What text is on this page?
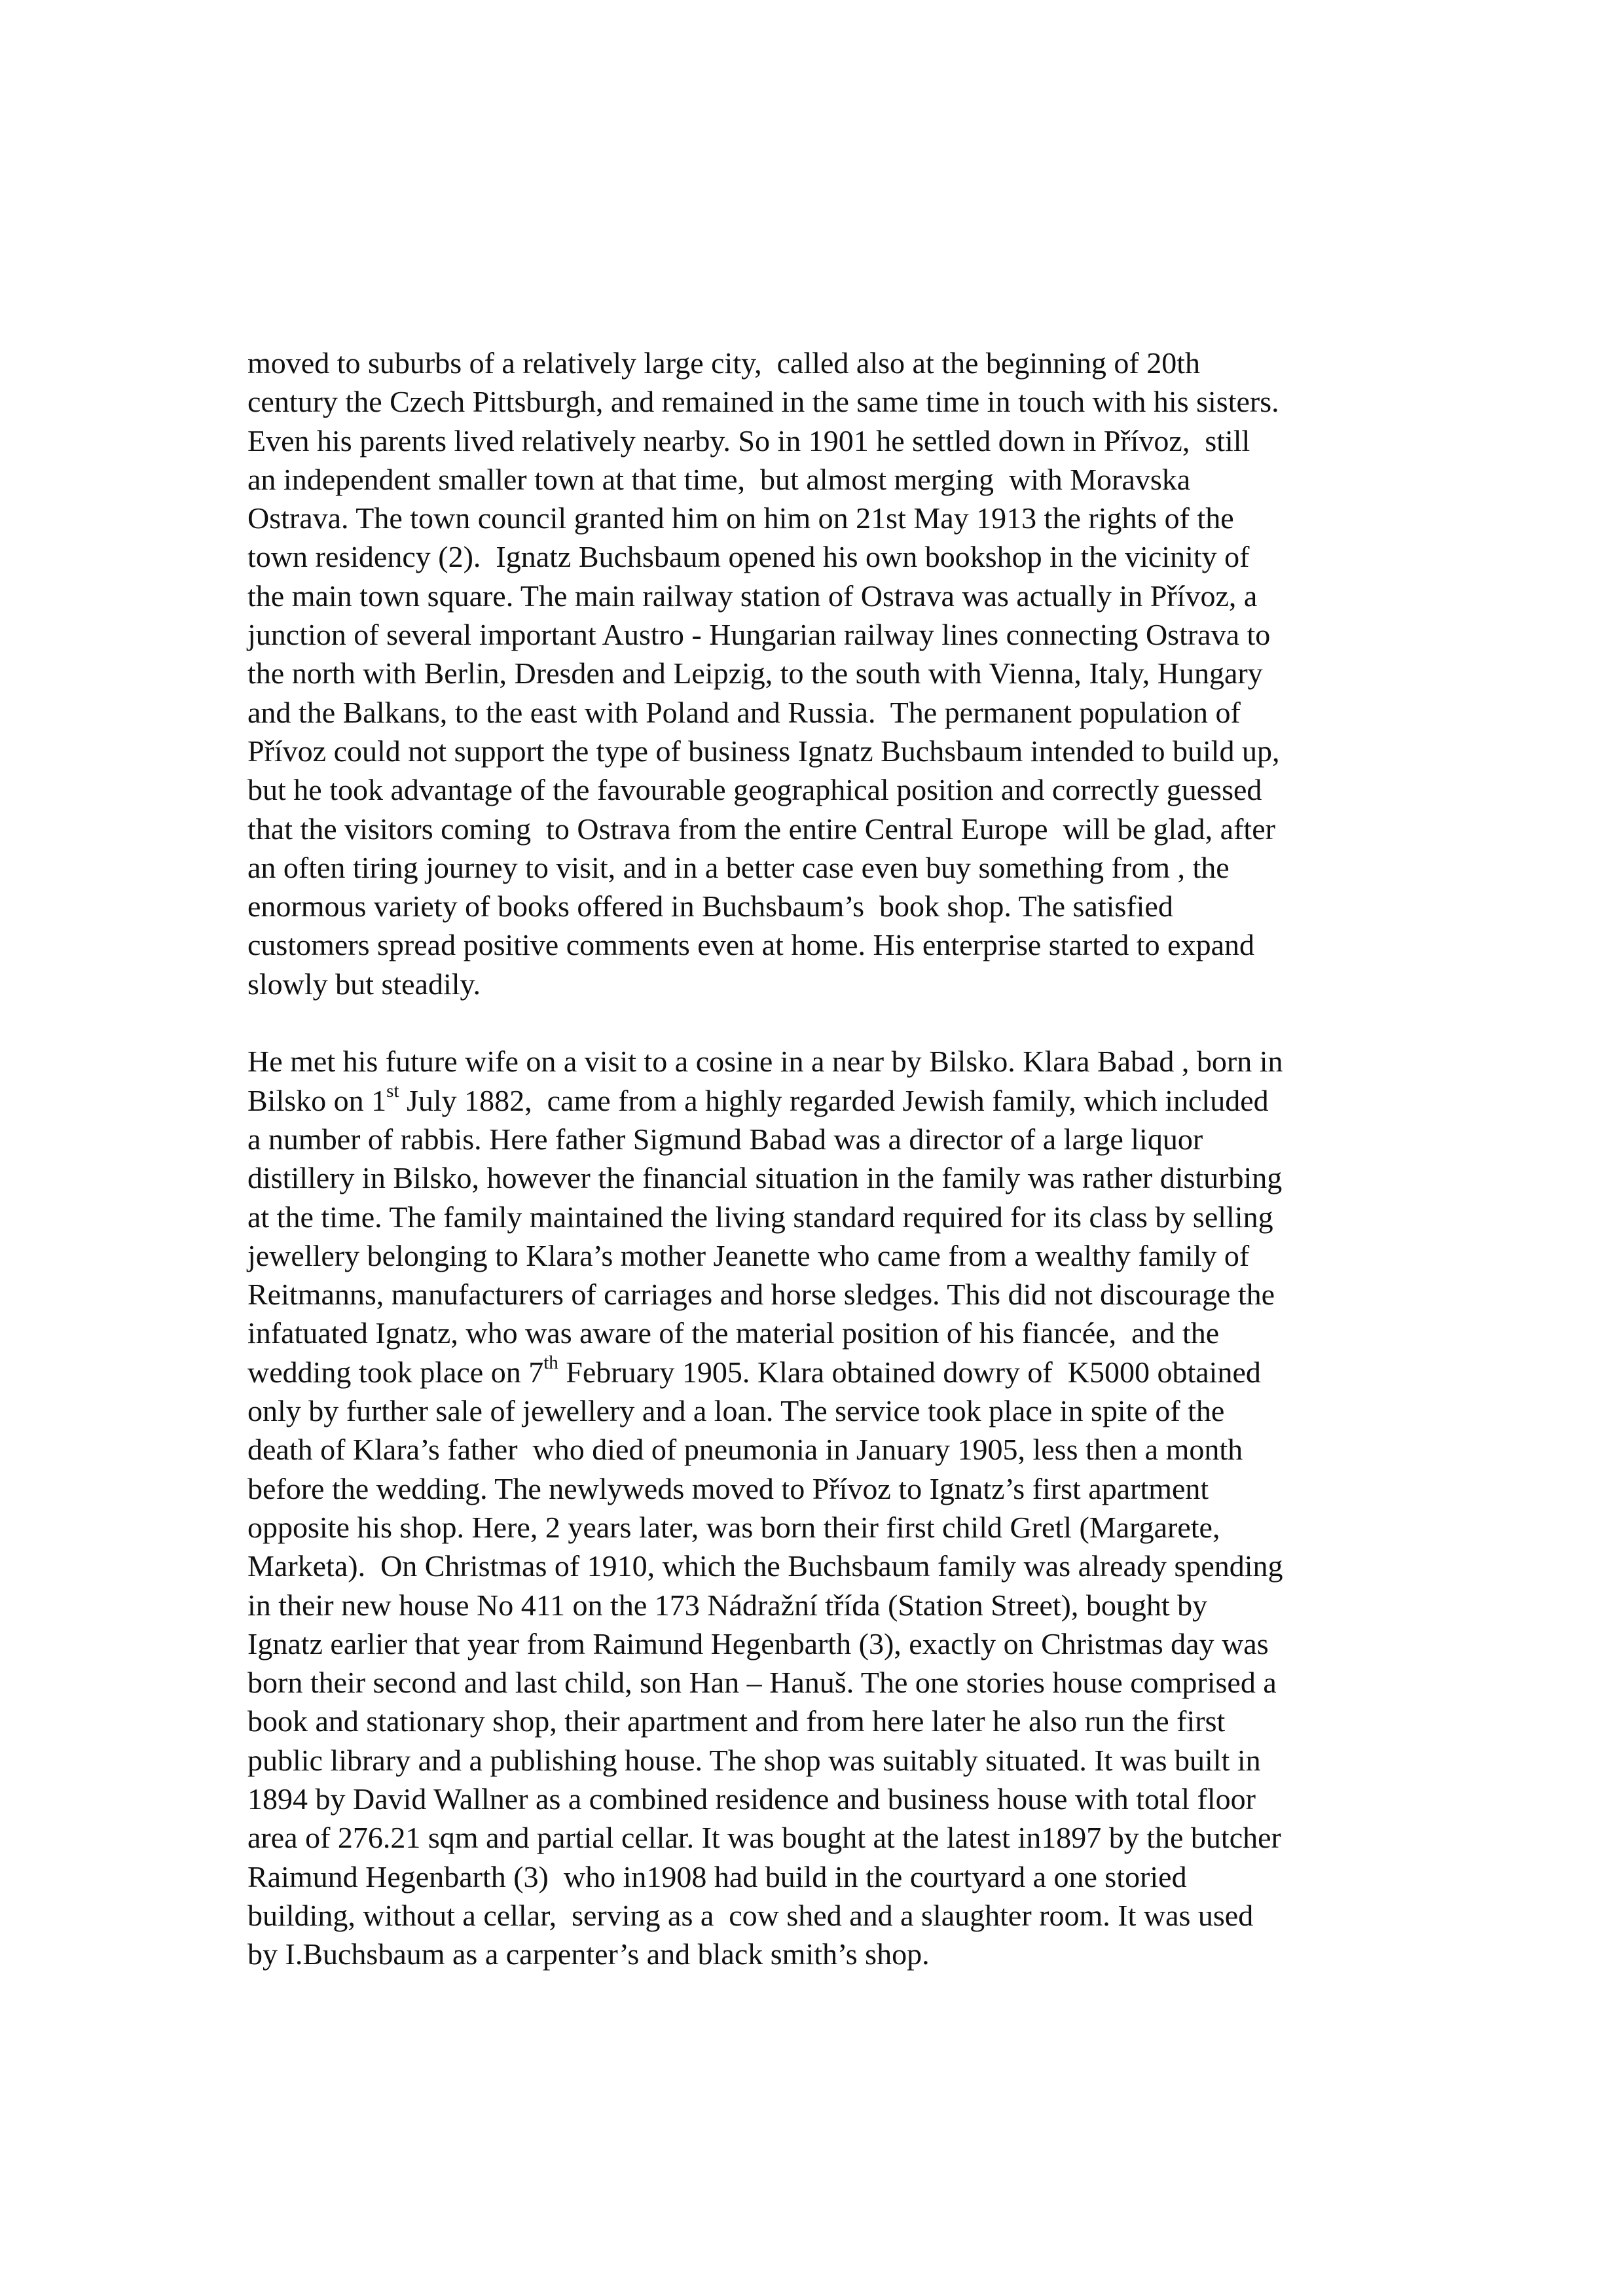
moved to suburbs of a relatively large city,  called also at the beginning of 20th
century the Czech Pittsburgh, and remained in the same time in touch with his sisters.
Even his parents lived relatively nearby. So in 1901 he settled down in Přívoz,  still
an independent smaller town at that time,  but almost merging  with Moravska
Ostrava. The town council granted him on him on 21st May 1913 the rights of the
town residency (2).  Ignatz Buchsbaum opened his own bookshop in the vicinity of
the main town square. The main railway station of Ostrava was actually in Přívoz, a
junction of several important Austro - Hungarian railway lines connecting Ostrava to
the north with Berlin, Dresden and Leipzig, to the south with Vienna, Italy, Hungary
and the Balkans, to the east with Poland and Russia.  The permanent population of
Přívoz could not support the type of business Ignatz Buchsbaum intended to build up,
but he took advantage of the favourable geographical position and correctly guessed
that the visitors coming  to Ostrava from the entire Central Europe  will be glad, after
an often tiring journey to visit, and in a better case even buy something from , the
enormous variety of books offered in Buchsbaum’s  book shop. The satisfied
customers spread positive comments even at home. His enterprise started to expand
slowly but steadily.
He met his future wife on a visit to a cosine in a near by Bilsko. Klara Babad , born in
Bilsko on 1st July 1882,  came from a highly regarded Jewish family, which included
a number of rabbis. Here father Sigmund Babad was a director of a large liquor
distillery in Bilsko, however the financial situation in the family was rather disturbing
at the time. The family maintained the living standard required for its class by selling
jewellery belonging to Klara’s mother Jeanette who came from a wealthy family of
Reitmanns, manufacturers of carriages and horse sledges. This did not discourage the
infatuated Ignatz, who was aware of the material position of his fiancée,  and the
wedding took place on 7th February 1905. Klara obtained dowry of  K5000 obtained
only by further sale of jewellery and a loan. The service took place in spite of the
death of Klara’s father  who died of pneumonia in January 1905, less then a month
before the wedding. The newlyweds moved to Přívoz to Ignatz’s first apartment
opposite his shop. Here, 2 years later, was born their first child Gretl (Margarete,
Marketa).  On Christmas of 1910, which the Buchsbaum family was already spending
in their new house No 411 on the 173 Nádražní třída (Station Street), bought by
Ignatz earlier that year from Raimund Hegenbarth (3), exactly on Christmas day was
born their second and last child, son Han – Hanuš. The one stories house comprised a
book and stationary shop, their apartment and from here later he also run the first
public library and a publishing house. The shop was suitably situated. It was built in
1894 by David Wallner as a combined residence and business house with total floor
area of 276.21 sqm and partial cellar. It was bought at the latest in1897 by the butcher
Raimund Hegenbarth (3)  who in1908 had build in the courtyard a one storied
building, without a cellar,  serving as a  cow shed and a slaughter room. It was used
by I.Buchsbaum as a carpenter’s and black smith’s shop.
